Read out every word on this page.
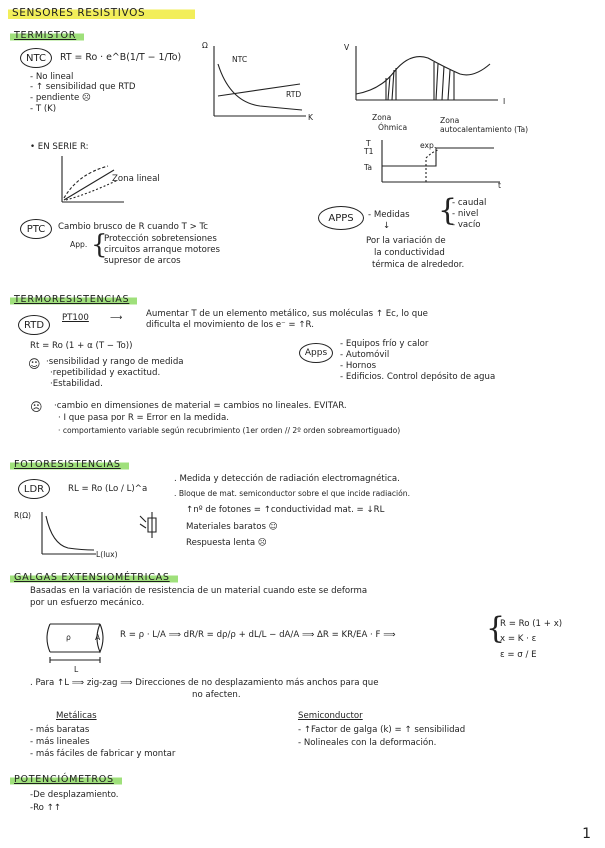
SENSORES RESISTIVOS
TERMISTOR
NTC	RT = Ro · e^B(1/T − 1/To)
- No lineal
- ↑ sensibilidad que RTD
- pendiente ☹
- T (K)
Ω
NTC
RTD
K
V
I
Zona
Óhmica
Zona
autocalentamiento (Ta)
• EN SERIE R:
Zona lineal
T
T1
Ta
exp.
t
PTC	Cambio brusco de R cuando T > Tc
App. {
Protección sobretensiones
circuitos arranque motores
supresor de arcos
APPS	- Medidas
↓ {
- caudal
- nivel
- vacío
Por la variación de
la conductividad
térmica de alrededor.
TERMORESISTENCIAS
RTD
PT100 ⟶	Aumentar T de un elemento metálico, sus moléculas ↑ Ec, lo que
dificulta el movimiento de los e⁻ = ↑R.
Rt = Ro (1 + α (T − To))
☺ ·sensibilidad y rango de medida
·repetibilidad y exactitud.
·Estabilidad.
Apps
- Equipos frío y calor
- Automóvil
- Hornos
- Edificios. Control depósito de agua
☹ ·cambio en dimensiones de material = cambios no lineales. EVITAR.
· I que pasa por R = Error en la medida.
· comportamiento variable según recubrimiento (1er orden // 2º orden sobreamortiguado)
FOTORESISTENCIAS
LDR	RL = Ro (Lo / L)^a
. Medida y detección de radiación electromagnética.
. Bloque de mat. semiconductor sobre el que incide radiación.
↑nº de fotones = ↑conductividad mat. = ↓RL
Materiales baratos ☺
Respuesta lenta ☹
R(Ω)
L(lux)
GALGAS EXTENSIOMÉTRICAS
Basadas en la variación de resistencia de un material cuando este se deforma
por un esfuerzo mecánico.
ρ	A
L
R = ρ · L/A ⟹ dR/R = dρ/ρ + dL/L − dA/A ⟹ ΔR = KR/EA · F ⟹	{
R = Ro (1 + x)
x = K · ε
ε = σ / E
. Para ↑L ⟹ zig-zag ⟹ Direcciones de no desplazamiento más anchos para que
no afecten.
Metálicas
- más baratas
- más lineales
- más fáciles de fabricar y montar
Semiconductor
- ↑Factor de galga (k) = ↑ sensibilidad
- Nolineales con la deformación.
POTENCIÓMETROS
-De desplazamiento.
-Ro ↑↑
1
